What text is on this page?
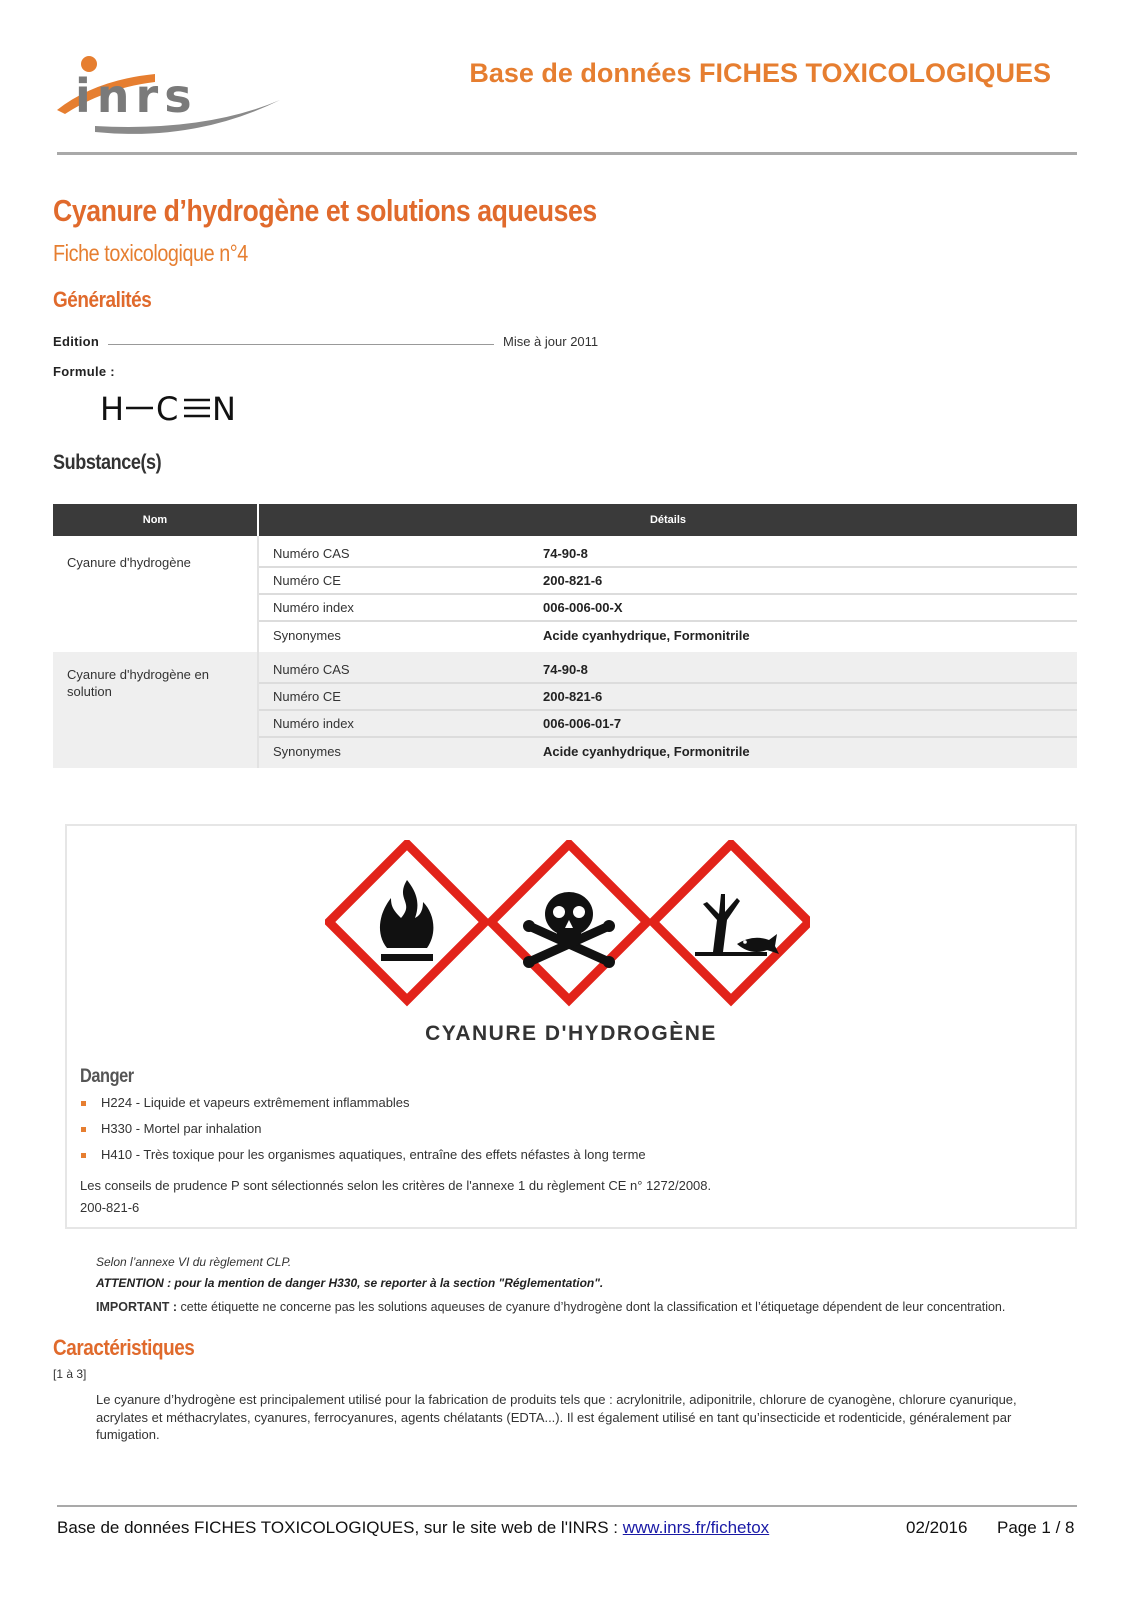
inrs	Base de données FICHES TOXICOLOGIQUES
Cyanure d’hydrogène et solutions aqueuses
Fiche toxicologique n°4
Généralités
Edition	Mise à jour 2011
Formule :
H C N
Substance(s)
Nom	Détails
Cyanure d'hydrogène	
Numéro CAS	74-90-8
Numéro CE	200-821-6
Numéro index	006-006-00-X
Synonymes	Acide cyanhydrique, Formonitrile

Cyanure d'hydrogène en solution	
Numéro CAS	74-90-8
Numéro CE	200-821-6
Numéro index	006-006-01-7
Synonymes	Acide cyanhydrique, Formonitrile
CYANURE D'HYDROGÈNE
Danger
H224 - Liquide et vapeurs extrêmement inflammables
H330 - Mortel par inhalation
H410 - Très toxique pour les organismes aquatiques, entraîne des effets néfastes à long terme
Les conseils de prudence P sont sélectionnés selon les critères de l'annexe 1 du règlement CE n° 1272/2008.
200-821-6
Selon l’annexe VI du règlement CLP.
ATTENTION : pour la mention de danger H330, se reporter à la section "Réglementation".
IMPORTANT : cette étiquette ne concerne pas les solutions aqueuses de cyanure d’hydrogène dont la classification et l’étiquetage dépendent de leur concentration.
Caractéristiques
[1 à 3]
Le cyanure d’hydrogène est principalement utilisé pour la fabrication de produits tels que : acrylonitrile, adiponitrile, chlorure de cyanogène, chlorure cyanurique, acrylates et méthacrylates, cyanures, ferrocyanures, agents chélatants (EDTA...). Il est également utilisé en tant qu’insecticide et rodenticide, généralement par fumigation.
Base de données FICHES TOXICOLOGIQUES, sur le site web de l'INRS : www.inrs.fr/fichetox	02/2016 Page 1 / 8
